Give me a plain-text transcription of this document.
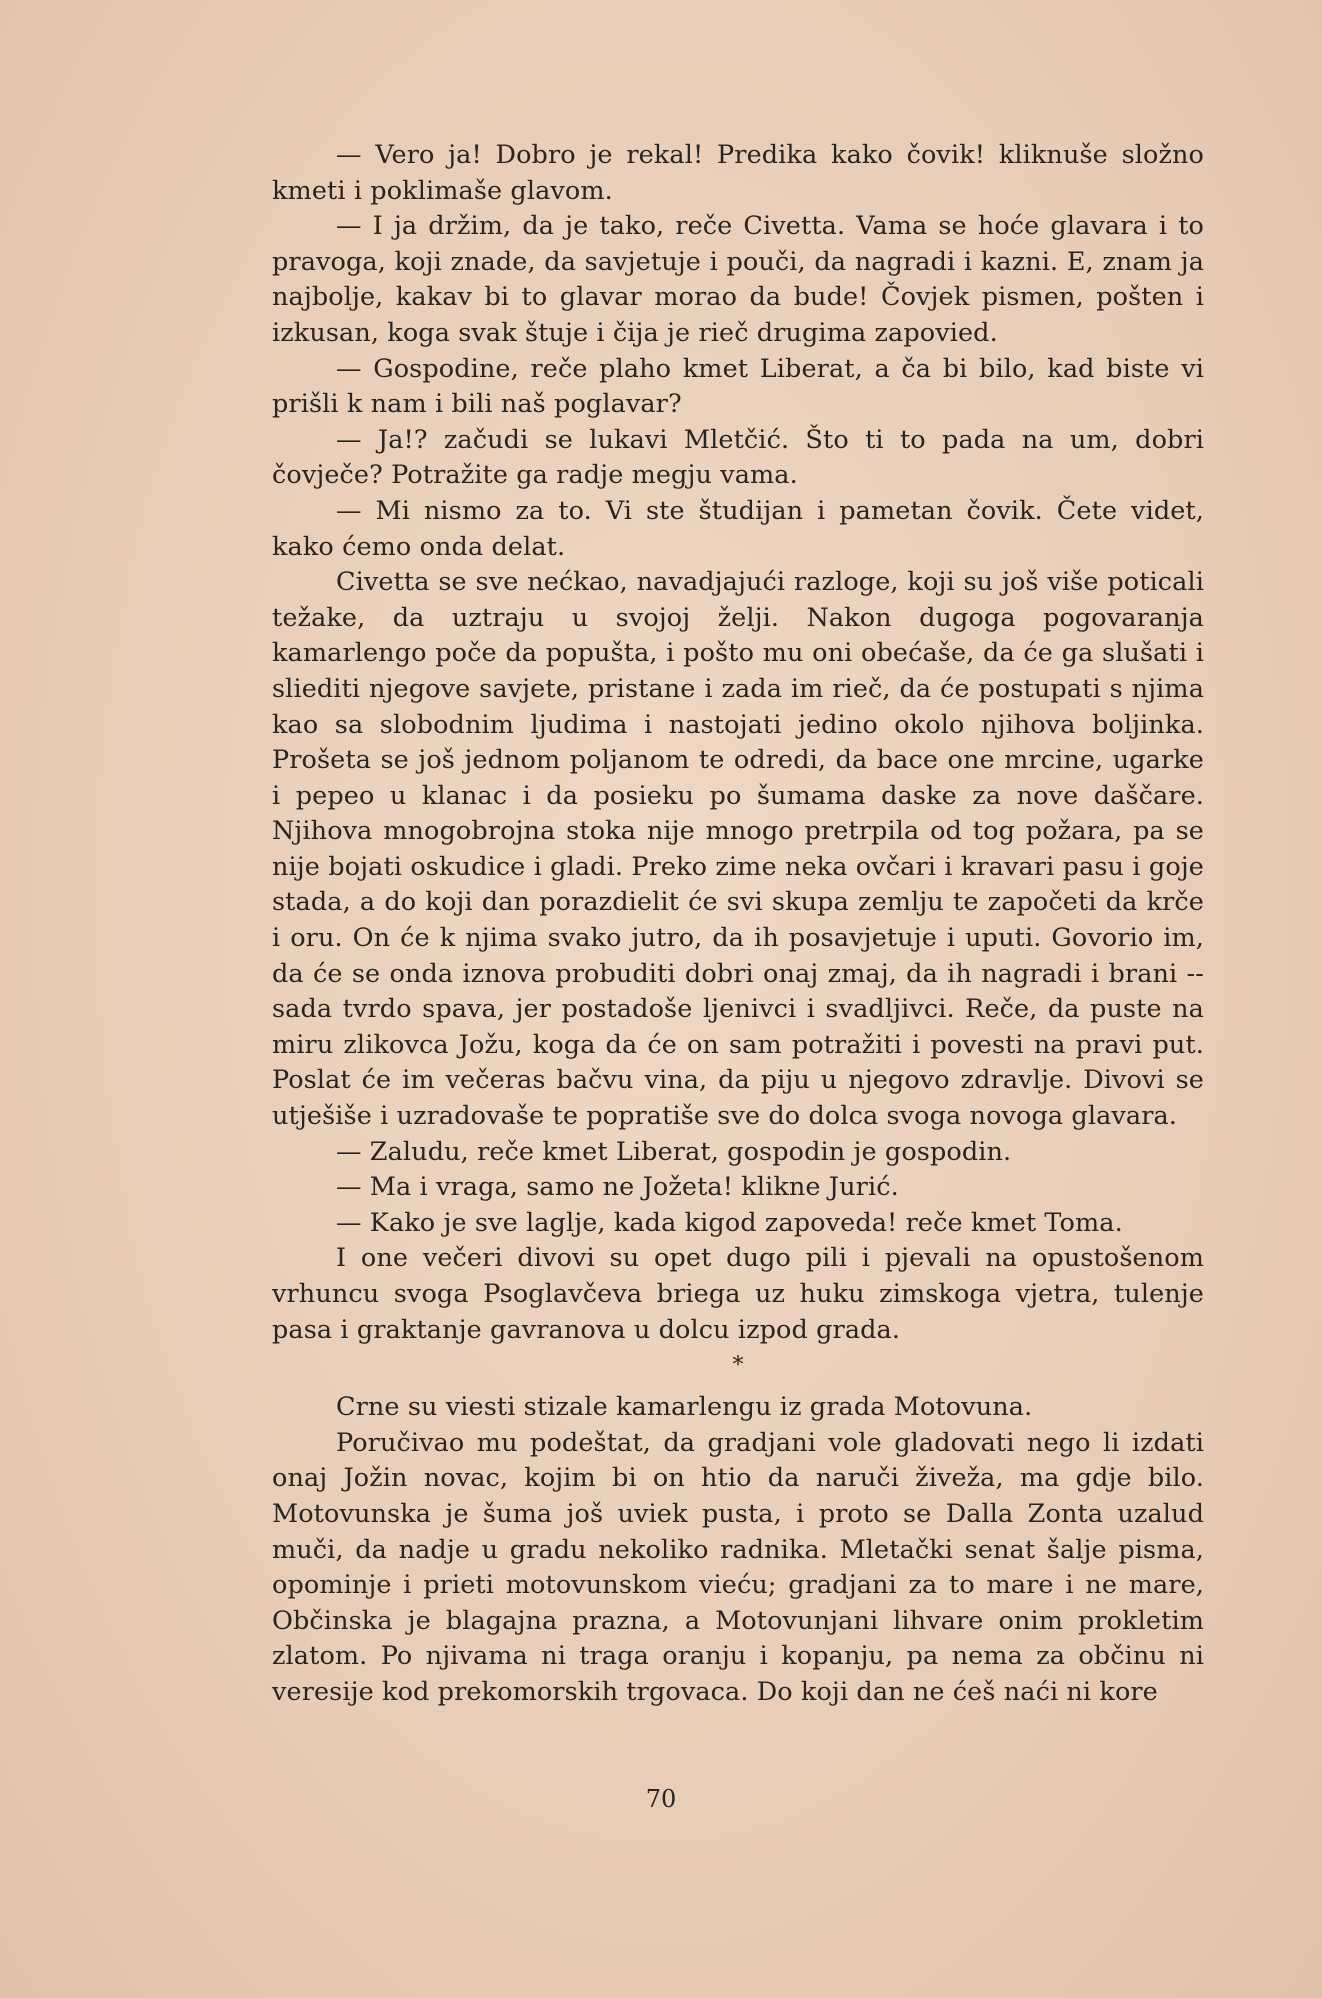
— Vero ja! Dobro je rekal! Predika kako čovik! kliknuše složno kmeti i poklimaše glavom.

— I ja držim, da je tako, reče Civetta. Vama se hoće glavara i to pravoga, koji znade, da savjetuje i pouči, da nagradi i kazni. E, znam ja najbolje, kakav bi to glavar morao da bude! Čovjek pismen, pošten i izkusan, koga svak štuje i čija je rieč drugima zapovied.

— Gospodine, reče plaho kmet Liberat, a ča bi bilo, kad biste vi prišli k nam i bili naš poglavar?

— Ja!? začudi se lukavi Mletčić. Što ti to pada na um, dobri čovječe? Potražite ga radje megju vama.

— Mi nismo za to. Vi ste študijan i pametan čovik. Čete videt, kako ćemo onda delat.

Civetta se sve nećkao, navadjajući razloge, koji su još više poticali težake, da uztraju u svojoj želji. Nakon dugoga pogovaranja kamarlengo poče da popušta, i pošto mu oni obećaše, da će ga slušati i sliediti njegove savjete, pristane i zada im rieč, da će postupati s njima kao sa slobodnim ljudima i nastojati jedino okolo njihova boljinka. Prošeta se još jednom poljanom te odredi, da bace one mrcine, ugarke i pepeo u klanac i da posieku po šumama daske za nove daščare. Njihova mnogobrojna stoka nije mnogo pretrpila od tog požara, pa se nije bojati oskudice i gladi. Preko zime neka ovčari i kravari pasu i goje stada, a do koji dan porazdielit će svi skupa zemlju te započeti da krče i oru. On će k njima svako jutro, da ih posavjetuje i uputi. Govorio im, da će se onda iznova probuditi dobri onaj zmaj, da ih nagradi i brani -- sada tvrdo spava, jer postadoše ljenivci i svadljivci. Reče, da puste na miru zlikovca Jožu, koga da će on sam potražiti i povesti na pravi put. Poslat će im večeras bačvu vina, da piju u njegovo zdravlje. Divovi se utješiše i uzradovaše te popratiše sve do dolca svoga novoga glavara.

— Zaludu, reče kmet Liberat, gospodin je gospodin.

— Ma i vraga, samo ne Jožeta! klikne Jurić.

— Kako je sve laglje, kada kigod zapoveda! reče kmet Toma.

I one večeri divovi su opet dugo pili i pjevali na opustošenom vrhuncu svoga Psoglavčeva briega uz huku zimskoga vjetra, tulenje pasa i graktanje gavranova u dolcu izpod grada.

*

Crne su viesti stizale kamarlengu iz grada Motovuna.

Poručivao mu podeštat, da gradjani vole gladovati nego li izdati onaj Jožin novac, kojim bi on htio da naruči živeža, ma gdje bilo. Motovunska je šuma još uviek pusta, i proto se Dalla Zonta uzalud muči, da nadje u gradu nekoliko radnika. Mletački senat šalje pisma, opominje i prieti motovunskom vieću; gradjani za to mare i ne mare, Občinska je blagajna prazna, a Motovunjani lihvare onim prokletim zlatom. Po njivama ni traga oranju i kopanju, pa nema za občinu ni veresije kod prekomorskih trgovaca. Do koji dan ne ćeš naći ni kore

70
